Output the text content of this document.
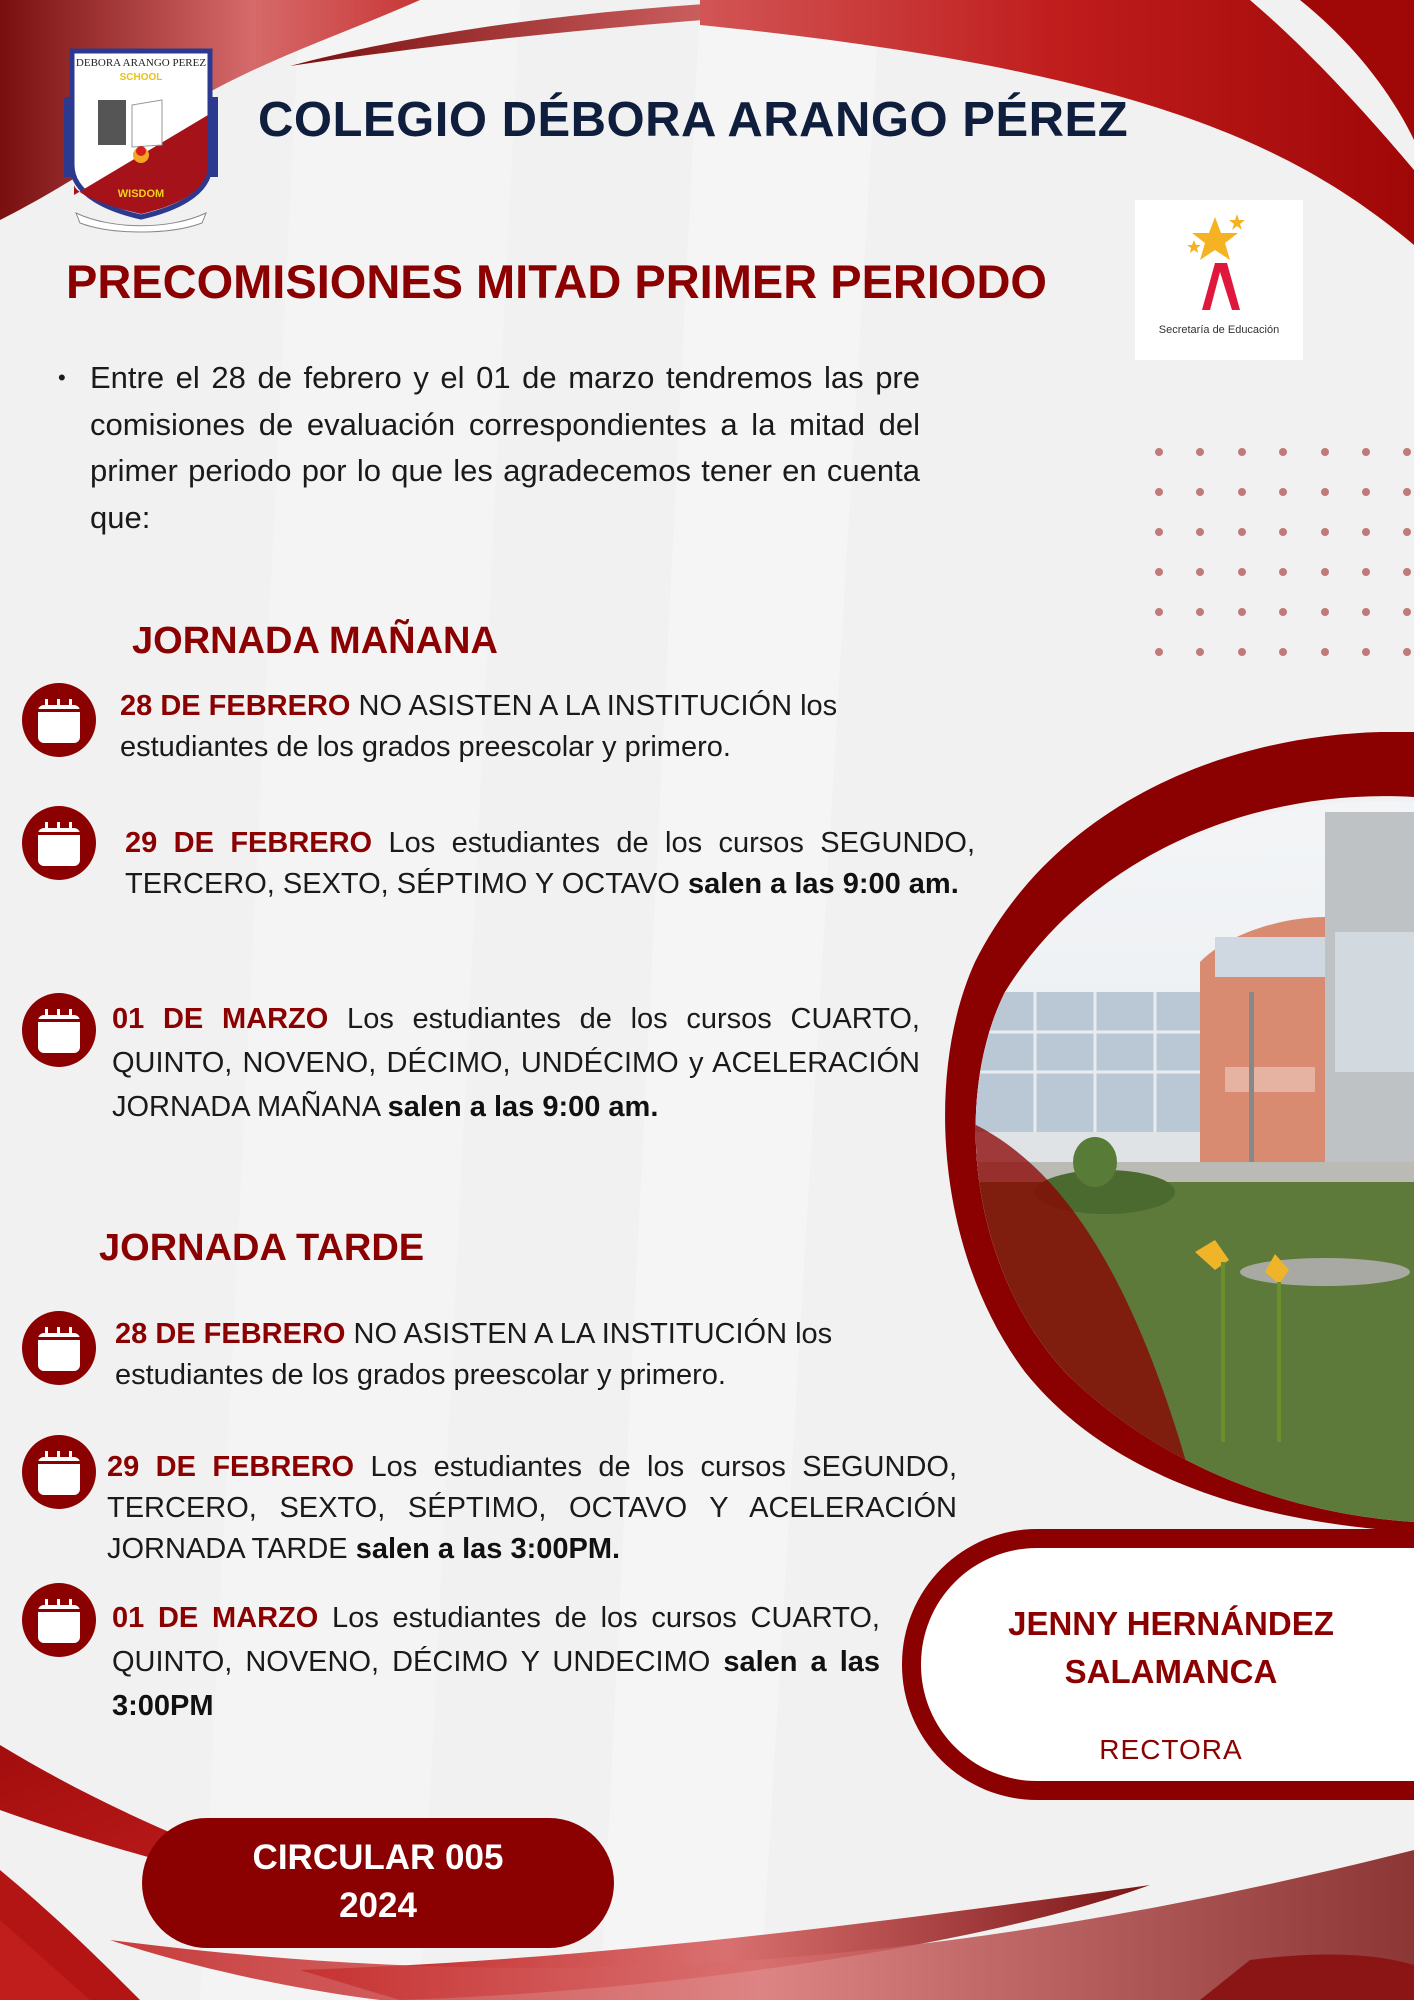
DEBORA ARANGO PEREZ
SCHOOL
WISDOM
COLEGIO DÉBORA ARANGO PÉREZ
PRECOMISIONES MITAD PRIMER PERIODO
Secretaría de Educación
• Entre el 28 de febrero y el 01 de marzo tendremos las pre comisiones de evaluación correspondientes a la mitad del primer periodo por lo que les agradecemos tener en cuenta que:
JORNADA MAÑANA
JORNADA TARDE
28 DE FEBRERO NO ASISTEN A LA INSTITUCIÓN los estudiantes de los grados preescolar y primero.
29 DE FEBRERO Los estudiantes de los cursos SEGUNDO, TERCERO, SEXTO, SÉPTIMO Y OCTAVO salen a las 9:00 am.
01 DE MARZO Los estudiantes de los cursos CUARTO, QUINTO, NOVENO, DÉCIMO, UNDÉCIMO y ACELERACIÓN JORNADA MAÑANA salen a las 9:00 am.
28 DE FEBRERO NO ASISTEN A LA INSTITUCIÓN los estudiantes de los grados preescolar y primero.
29 DE FEBRERO Los estudiantes de los cursos SEGUNDO, TERCERO, SEXTO, SÉPTIMO, OCTAVO Y ACELERACIÓN JORNADA TARDE salen a las 3:00PM.
01 DE MARZO Los estudiantes de los cursos CUARTO, QUINTO, NOVENO, DÉCIMO Y UNDECIMO salen a las 3:00PM
JENNY HERNÁNDEZ
SALAMANCA
RECTORA
CIRCULAR 005
2024
